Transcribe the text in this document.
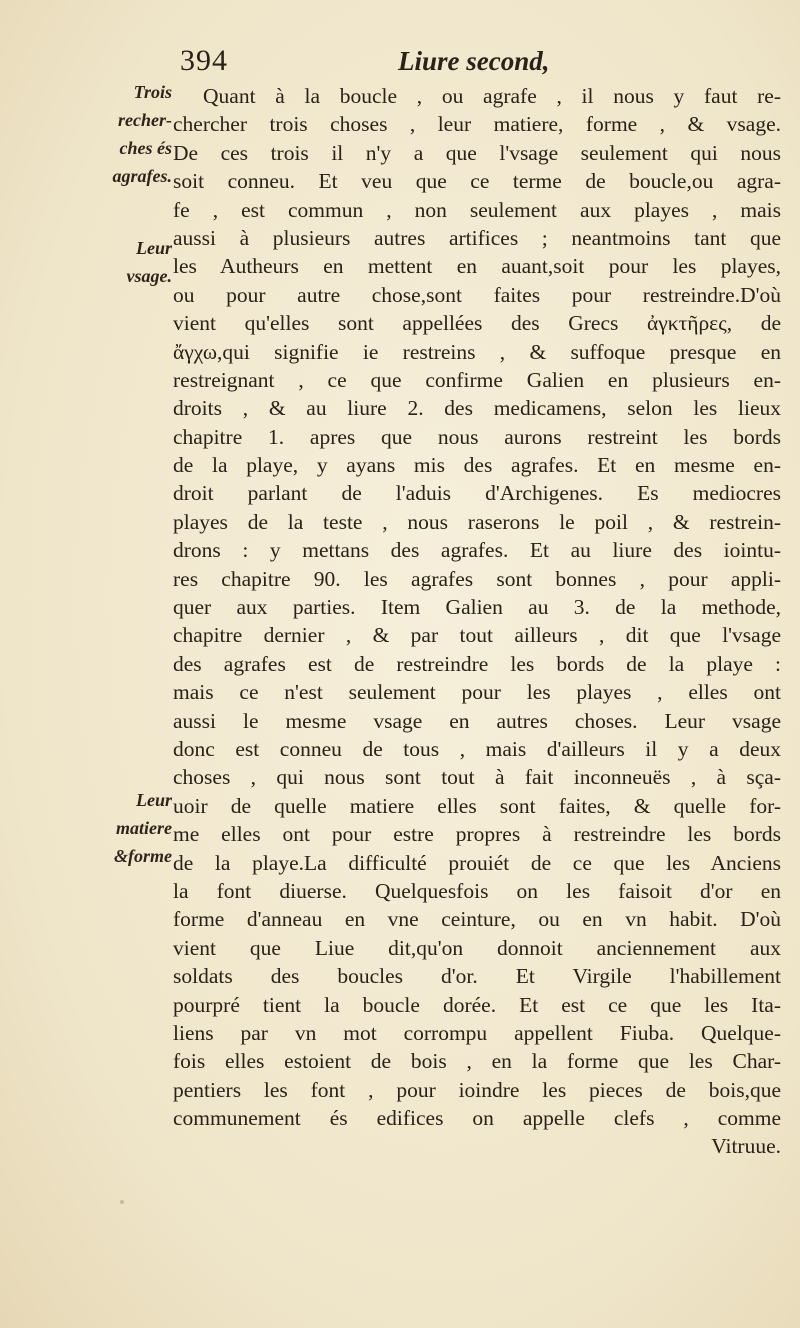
394	Liure second,
Trois
recher-
ches és
agrafes.
Leur
vsage.
Leur
matiere
&forme
Quant à la boucle , ou agrafe , il nous y faut re-
chercher trois choses , leur matiere, forme , & vsage.
De ces trois il n'y a que l'vsage seulement qui nous
soit conneu. Et veu que ce terme de boucle,ou agra-
fe , est commun , non seulement aux playes , mais
aussi à plusieurs autres artifices ; neantmoins tant que
les Autheurs en mettent en auant,soit pour les playes,
ou pour autre chose,sont faites pour restreindre.D'où
vient qu'elles sont appellées des Grecs ἀγκτῆρες, de
ἄγχω,qui signifie ie restreins , & suffoque presque en
restreignant , ce que confirme Galien en plusieurs en-
droits , & au liure 2. des medicamens, selon les lieux
chapitre 1. apres que nous aurons restreint les bords
de la playe, y ayans mis des agrafes. Et en mesme en-
droit parlant de l'aduis d'Archigenes. Es mediocres
playes de la teste , nous raserons le poil , & restrein-
drons : y mettans des agrafes. Et au liure des iointu-
res chapitre 90. les agrafes sont bonnes , pour appli-
quer aux parties. Item Galien au 3. de la methode,
chapitre dernier , & par tout ailleurs , dit que l'vsage
des agrafes est de restreindre les bords de la playe :
mais ce n'est seulement pour les playes , elles ont
aussi le mesme vsage en autres choses. Leur vsage
donc est conneu de tous , mais d'ailleurs il y a deux
choses , qui nous sont tout à fait inconneuës , à sça-
uoir de quelle matiere elles sont faites, & quelle for-
me elles ont pour estre propres à restreindre les bords
de la playe.La difficulté prouiét de ce que les Anciens
la font diuerse. Quelquesfois on les faisoit d'or en
forme d'anneau en vne ceinture, ou en vn habit. D'où
vient que Liue dit,qu'on donnoit anciennement aux
soldats des boucles d'or. Et Virgile l'habillement
pourpré tient la boucle dorée. Et est ce que les Ita-
liens par vn mot corrompu appellent Fiuba. Quelque-
fois elles estoient de bois , en la forme que les Char-
pentiers les font , pour ioindre les pieces de bois,que
communement és edifices on appelle clefs , comme
Vitruue.
